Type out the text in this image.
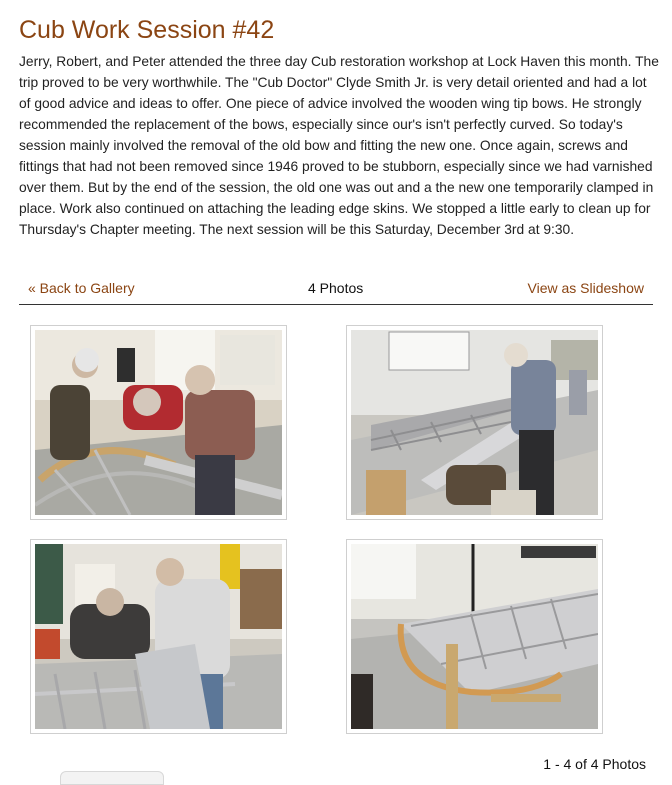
Cub Work Session #42

Jerry, Robert, and Peter attended the three day Cub restoration workshop at Lock Haven this month. The trip proved to be very worthwhile. The "Cub Doctor" Clyde Smith Jr. is very detail oriented and had a lot of good advice and ideas to offer. One piece of advice involved the wooden wing tip bows. He strongly recommended the replacement of the bows, especially since our's isn't perfectly curved. So today's session mainly involved the removal of the old bow and fitting the new one. Once again, screws and fittings that had not been removed since 1946 proved to be stubborn, especially since we had varnished over them. But by the end of the session, the old one was out and a the new one temporarily clamped in place. Work also continued on attaching the leading edge skins. We stopped a little early to clean up for Thursday's Chapter meeting. The next session will be this Saturday, December 3rd at 9:30.

« Back to Gallery	4 Photos	View as Slideshow
1 - 4 of 4 Photos
